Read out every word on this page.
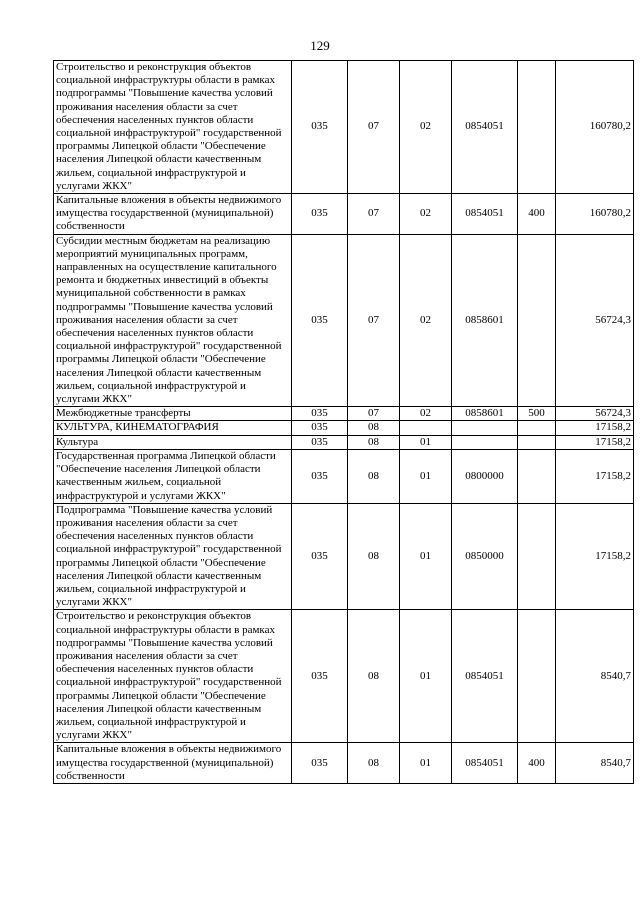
129
Строительство и реконструкция объектов социальной инфраструктуры области в рамках подпрограммы "Повышение качества условий проживания населения области за счет обеспечения населенных пунктов области социальной инфраструктурой" государственной программы Липецкой области "Обеспечение населения Липецкой области качественным жильем, социальной инфраструктурой и услугами ЖКХ"	035	07	02	0854051		160780,2
Капитальные вложения в объекты недвижимого имущества государственной (муниципальной) собственности	035	07	02	0854051	400	160780,2
Субсидии местным бюджетам на реализацию мероприятий муниципальных программ, направленных на осуществление капитального ремонта и бюджетных инвестиций в объекты муниципальной собственности в рамках подпрограммы "Повышение качества условий проживания населения области за счет обеспечения населенных пунктов области социальной инфраструктурой" государственной программы Липецкой области "Обеспечение населения Липецкой области качественным жильем, социальной инфраструктурой и услугами ЖКХ"	035	07	02	0858601		56724,3
Межбюджетные трансферты	035	07	02	0858601	500	56724,3
КУЛЬТУРА, КИНЕМАТОГРАФИЯ	035	08				17158,2
Культура	035	08	01			17158,2
Государственная программа Липецкой области "Обеспечение населения Липецкой области качественным жильем, социальной инфраструктурой и услугами ЖКХ"	035	08	01	0800000		17158,2
Подпрограмма "Повышение качества условий проживания населения области за счет обеспечения населенных пунктов области социальной инфраструктурой" государственной программы Липецкой области "Обеспечение населения Липецкой области качественным жильем, социальной инфраструктурой и услугами ЖКХ"	035	08	01	0850000		17158,2
Строительство и реконструкция объектов социальной инфраструктуры области в рамках подпрограммы "Повышение качества условий проживания населения области за счет обеспечения населенных пунктов области социальной инфраструктурой" государственной программы Липецкой области "Обеспечение населения Липецкой области качественным жильем, социальной инфраструктурой и услугами ЖКХ"	035	08	01	0854051		8540,7
Капитальные вложения в объекты недвижимого имущества государственной (муниципальной) собственности	035	08	01	0854051	400	8540,7
